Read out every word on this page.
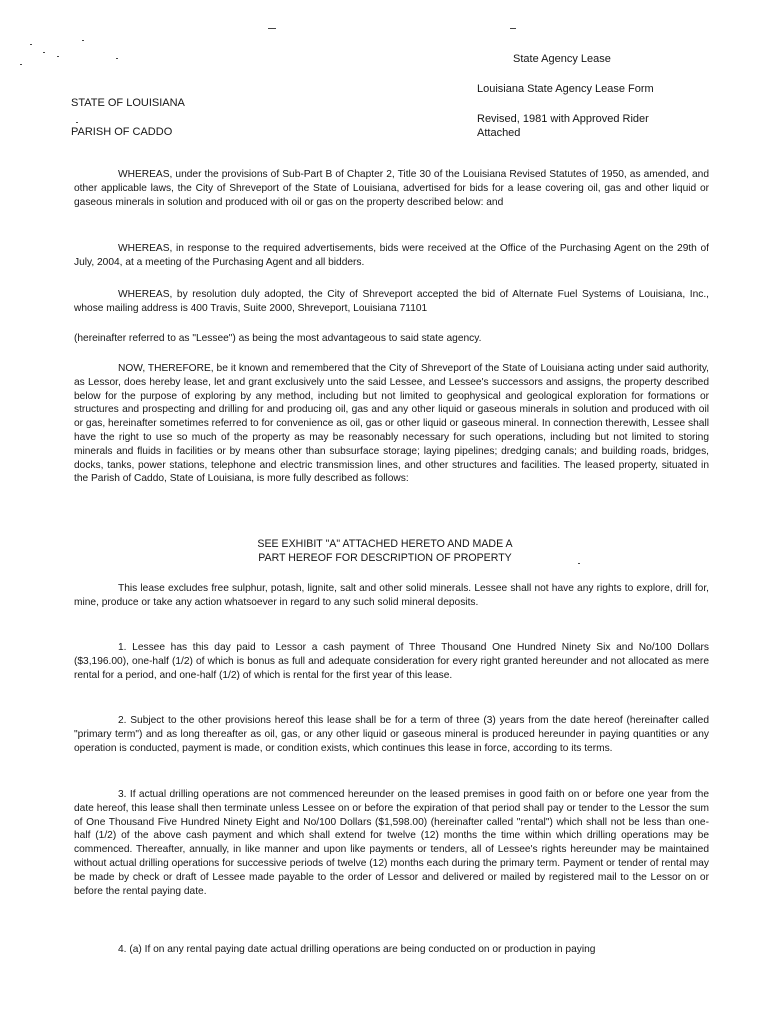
State Agency Lease
Louisiana State Agency Lease Form
STATE OF LOUISIANA
Revised, 1981 with Approved Rider Attached
PARISH OF CADDO

WHEREAS, under the provisions of Sub-Part B of Chapter 2, Title 30 of the Louisiana Revised Statutes of 1950, as amended, and other applicable laws, the City of Shreveport of the State of Louisiana, advertised for bids for a lease covering oil, gas and other liquid or gaseous minerals in solution and produced with oil or gas on the property described below: and

WHEREAS, in response to the required advertisements, bids were received at the Office of the Purchasing Agent on the 29th of July, 2004, at a meeting of the Purchasing Agent and all bidders.

WHEREAS, by resolution duly adopted, the City of Shreveport accepted the bid of Alternate Fuel Systems of Louisiana, Inc., whose mailing address is 400 Travis, Suite 2000, Shreveport, Louisiana 71101

(hereinafter referred to as "Lessee") as being the most advantageous to said state agency.

NOW, THEREFORE, be it known and remembered that the City of Shreveport of the State of Louisiana acting under said authority, as Lessor, does hereby lease, let and grant exclusively unto the said Lessee, and Lessee's successors and assigns, the property described below for the purpose of exploring by any method, including but not limited to geophysical and geological exploration for formations or structures and prospecting and drilling for and producing oil, gas and any other liquid or gaseous minerals in solution and produced with oil or gas, hereinafter sometimes referred to for convenience as oil, gas or other liquid or gaseous mineral. In connection therewith, Lessee shall have the right to use so much of the property as may be reasonably necessary for such operations, including but not limited to storing minerals and fluids in facilities or by means other than subsurface storage; laying pipelines; dredging canals; and building roads, bridges, docks, tanks, power stations, telephone and electric transmission lines, and other structures and facilities. The leased property, situated in the Parish of Caddo, State of Louisiana, is more fully described as follows:

SEE EXHIBIT "A" ATTACHED HERETO AND MADE A
PART HEREOF FOR DESCRIPTION OF PROPERTY

This lease excludes free sulphur, potash, lignite, salt and other solid minerals. Lessee shall not have any rights to explore, drill for, mine, produce or take any action whatsoever in regard to any such solid mineral deposits.

1. Lessee has this day paid to Lessor a cash payment of Three Thousand One Hundred Ninety Six and No/100 Dollars ($3,196.00), one-half (1/2) of which is bonus as full and adequate consideration for every right granted hereunder and not allocated as mere rental for a period, and one-half (1/2) of which is rental for the first year of this lease.

2. Subject to the other provisions hereof this lease shall be for a term of three (3) years from the date hereof (hereinafter called "primary term") and as long thereafter as oil, gas, or any other liquid or gaseous mineral is produced hereunder in paying quantities or any operation is conducted, payment is made, or condition exists, which continues this lease in force, according to its terms.

3. If actual drilling operations are not commenced hereunder on the leased premises in good faith on or before one year from the date hereof, this lease shall then terminate unless Lessee on or before the expiration of that period shall pay or tender to the Lessor the sum of One Thousand Five Hundred Ninety Eight and No/100 Dollars ($1,598.00) (hereinafter called "rental") which shall not be less than one-half (1/2) of the above cash payment and which shall extend for twelve (12) months the time within which drilling operations may be commenced. Thereafter, annually, in like manner and upon like payments or tenders, all of Lessee's rights hereunder may be maintained without actual drilling operations for successive periods of twelve (12) months each during the primary term. Payment or tender of rental may be made by check or draft of Lessee made payable to the order of Lessor and delivered or mailed by registered mail to the Lessor on or before the rental paying date.

4. (a) If on any rental paying date actual drilling operations are being conducted on or production in paying
